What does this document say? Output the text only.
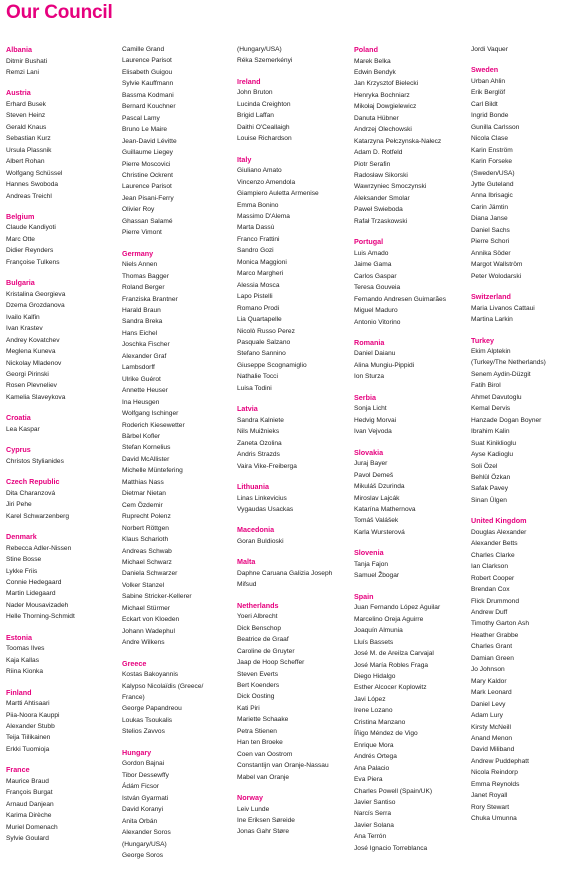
Our Council
Albania
Ditmir Bushati
Remzi Lani
Austria
Erhard Busek
Steven Heinz
Gerald Knaus
Sebastian Kurz
Ursula Plassnik
Albert Rohan
Wolfgang Schüssel
Hannes Swoboda
Andreas Treichl
Belgium
Claude Kandiyoti
Marc Otte
Didier Reynders
Françoise Tulkens
Bulgaria
Kristalina Georgieva
Dzema Grozdanova
Ivailo Kalfin
Ivan Krastev
Andrey Kovatchev
Meglena Kuneva
Nickolay Mladenov
Georgi Pirinski
Rosen Plevneliev
Kamelia Slaveykova
Croatia
Lea Kaspar
Cyprus
Christos Stylianides
Czech Republic
Dita Charanzová
Jiri Pehe
Karel Schwarzenberg
Denmark
Rebecca Adler-Nissen
Stine Bosse
Lykke Friis
Connie Hedegaard
Martin Lidegaard
Nader Mousavizadeh
Helle Thorning-Schmidt
Estonia
Toomas Ilves
Kaja Kallas
Riina Kionka
Finland
Martti Ahtisaari
Piia-Noora Kauppi
Alexander Stubb
Teija Tiilikainen
Erkki Tuomioja
France
Maurice Braud
François Burgat
Arnaud Danjean
Karima Dirèche
Muriel Domenach
Sylvie Goulard
Camille Grand
Laurence Parisot
Elisabeth Guigou
Sylvie Kauffmann
Bassma Kodmani
Bernard Kouchner
Pascal Lamy
Bruno Le Maire
Jean-David Lévitte
Guillaume Liegey
Pierre Moscovici
Christine Ockrent
Laurence Parisot
Jean Pisani-Ferry
Olivier Roy
Ghassan Salamé
Pierre Vimont
Germany
Niels Annen
Thomas Bagger
Roland Berger
Franziska Brantner
Harald Braun
Sandra Breka
Hans Eichel
Joschka Fischer
Alexander Graf
Lambsdorff
Ulrike Guérot
Annette Heuser
Ina Heusgen
Wolfgang Ischinger
Roderich Kiesewetter
Bärbel Kofler
Stefan Kornelius
David McAllister
Michelle Müntefering
Matthias Nass
Dietmar Nietan
Cem Özdemir
Ruprecht Polenz
Norbert Röttgen
Klaus Scharioth
Andreas Schwab
Michael Schwarz
Daniela Schwarzer
Volker Stanzel
Sabine Stricker-Kellerer
Michael Stürmer
Eckart von Kloeden
Johann Wadephul
Andre Wilkens
Greece
Kostas Bakoyannis
Kalypso Nicolaïdis (Greece/
France)
George Papandreou
Loukas Tsoukalis
Stelios Zavvos
Hungary
Gordon Bajnai
Tibor Dessewffy
Ádám Ficsor
István Gyarmati
David Koranyi
Anita Orbán
Alexander Soros
(Hungary/USA)
George Soros
(Hungary/USA)
Réka Szemerkényi
Ireland
John Bruton
Lucinda Creighton
Brigid Laffan
Daithi O'Ceallaigh
Louise Richardson
Italy
Giuliano Amato
Vincenzo Amendola
Giampiero Auletta Armenise
Emma Bonino
Massimo D'Alema
Marta Dassù
Franco Frattini
Sandro Gozi
Monica Maggioni
Marco Margheri
Alessia Mosca
Lapo Pistelli
Romano Prodi
Lia Quartapelle
Nicolò Russo Perez
Pasquale Salzano
Stefano Sannino
Giuseppe Scognamiglio
Nathalie Tocci
Luisa Todini
Latvia
Sandra Kalniete
Nils Muižnieks
Zaneta Ozolina
Andris Strazds
Vaira Vike-Freiberga
Lithuania
Linas Linkevicius
Vygaudas Usackas
Macedonia
Goran Buldioski
Malta
Daphne Caruana Galizia Joseph
Mifsud
Netherlands
Yoeri Albrecht
Dick Benschop
Beatrice de Graaf
Caroline de Gruyter
Jaap de Hoop Scheffer
Steven Everts
Bert Koenders
Dick Oosting
Kati Piri
Mariette Schaake
Petra Stienen
Han ten Broeke
Coen van Oostrom
Constantijn van Oranje-Nassau
Mabel van Oranje
Norway
Leiv Lunde
Ine Eriksen Søreide
Jonas Gahr Støre
Poland
Marek Belka
Edwin Bendyk
Jan Krzysztof Bielecki
Henryka Bochniarz
Mikołaj Dowgielewicz
Danuta Hübner
Andrzej Olechowski
Katarzyna Pełczynska-Nałecz
Adam D. Rotfeld
Piotr Serafin
Radosław Sikorski
Wawrzyniec Smoczynski
Aleksander Smolar
Paweł Swieboda
Rafał Trzaskowski
Portugal
Luis Amado
Jaime Gama
Carlos Gaspar
Teresa Gouveia
Fernando Andresen Guimarães
Miguel Maduro
Antonio Vitorino
Romania
Daniel Daianu
Alina Mungiu-Pippidi
Ion Sturza
Serbia
Sonja Licht
Hedvig Morvai
Ivan Vejvoda
Slovakia
Juraj Bayer
Pavol Demeš
Mikuláš Dzurinda
Miroslav Lajcák
Katarína Mathernova
Tomáš Valášek
Karla Wursterová
Slovenia
Tanja Fajon
Samuel Žbogar
Spain
Juan Fernando López Aguilar
Marcelino Oreja Aguirre
Joaquín Almunia
Lluís Bassets
José M. de Areilza Carvajal
José María Robles Fraga
Diego Hidalgo
Esther Alcocer Koplowitz
Javi López
Irene Lozano
Cristina Manzano
Íñigo Méndez de Vigo
Enrique Mora
Andrés Ortega
Ana Palacio
Eva Piera
Charles Powell (Spain/UK)
Javier Santiso
Narcís Serra
Javier Solana
Ana Terrón
José Ignacio Torreblanca
Jordi Vaquer
Sweden
Urban Ahlin
Erik Berglöf
Carl Bildt
Ingrid Bonde
Gunilla Carlsson
Nicola Clase
Karin Enström
Karin Forseke
(Sweden/USA)
Jytte Guteland
Anna Ibrisagic
Carin Jämtin
Diana Janse
Daniel Sachs
Pierre Schori
Annika Söder
Margot Wallström
Peter Wolodarski
Switzerland
Maria Livanos Cattaui
Martina Larkin
Turkey
Ekim Alptekin
(Turkey/The Netherlands)
Senem Aydin-Düzgit
Fatih Birol
Ahmet Davutoglu
Kemal Dervis
Hanzade Dogan Boyner
Ibrahim Kalin
Suat Kiniklioglu
Ayse Kadioglu
Soli Özel
Behlül Özkan
Safak Pavey
Sinan Ülgen
United Kingdom
Douglas Alexander
Alexander Betts
Charles Clarke
Ian Clarkson
Robert Cooper
Brendan Cox
Flick Drummond
Andrew Duff
Timothy Garton Ash
Heather Grabbe
Charles Grant
Damian Green
Jo Johnson
Mary Kaldor
Mark Leonard
Daniel Levy
Adam Lury
Kirsty McNeill
Anand Menon
David Miliband
Andrew Puddephatt
Nicola Reindorp
Emma Reynolds
Janet Royall
Rory Stewart
Chuka Umunna
